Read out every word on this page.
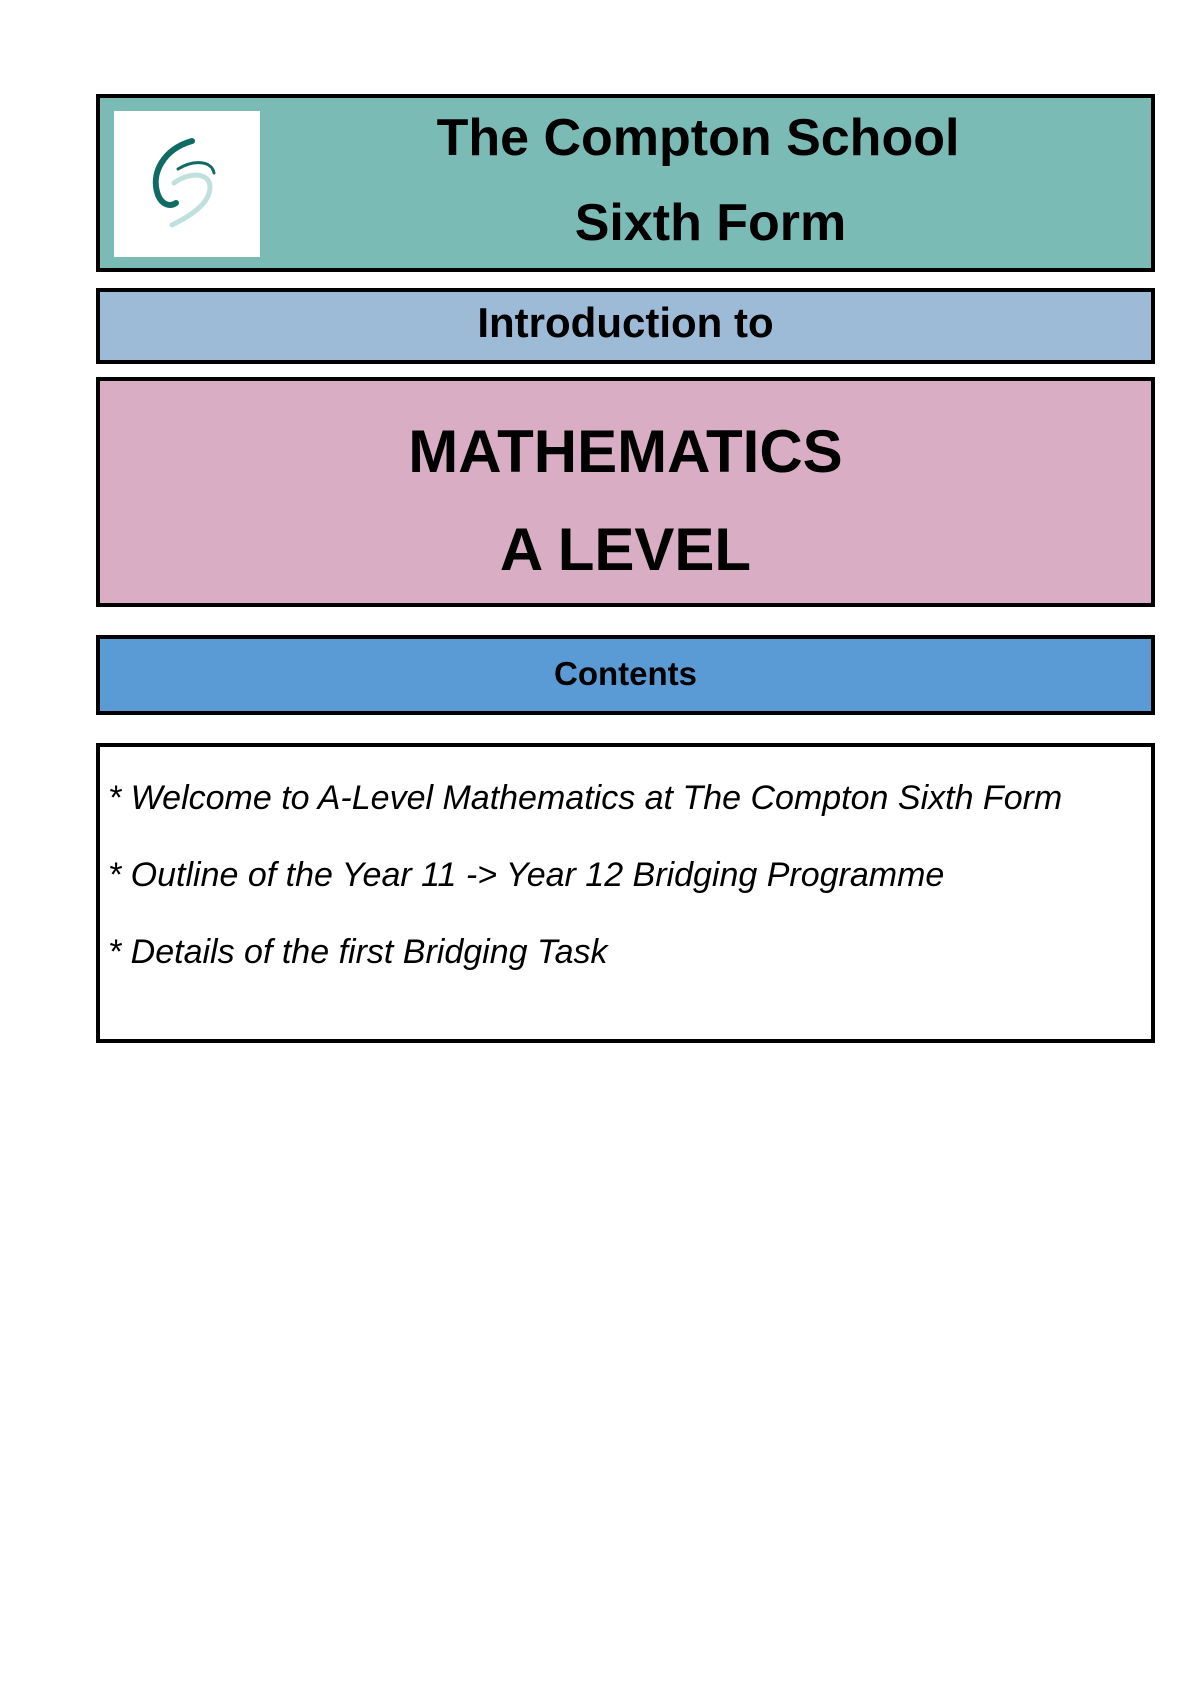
The Compton School
Sixth Form
Introduction to
MATHEMATICS
A LEVEL
Contents
* Welcome to A-Level Mathematics at The Compton Sixth Form
* Outline of the Year 11 -> Year 12 Bridging Programme
* Details of the first Bridging Task
